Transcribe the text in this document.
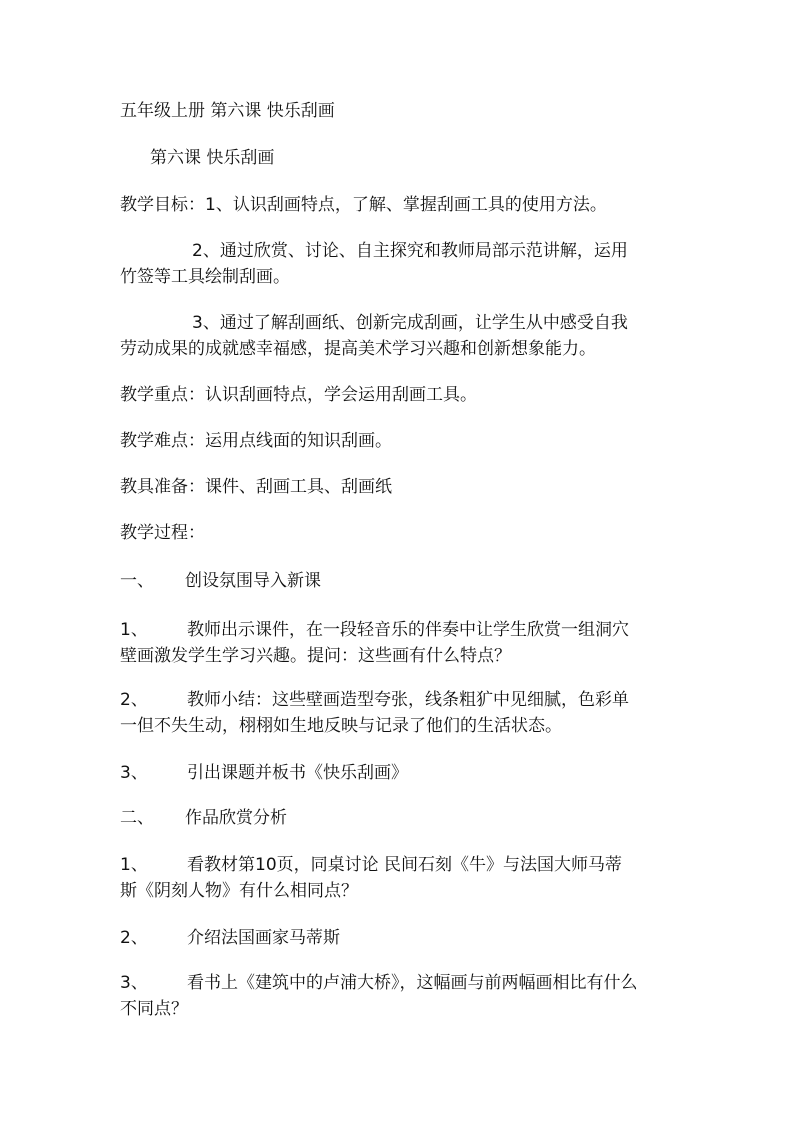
五年级上册 第六课 快乐刮画
第六课 快乐刮画
教学目标：1、认识刮画特点，了解、掌握刮画工具的使用方法。
2、通过欣赏、讨论、自主探究和教师局部示范讲解，运用
竹签等工具绘制刮画。
3、通过了解刮画纸、创新完成刮画，让学生从中感受自我
劳动成果的成就感幸福感，提高美术学习兴趣和创新想象能力。
教学重点：认识刮画特点，学会运用刮画工具。
教学难点：运用点线面的知识刮画。
教具准备：课件、刮画工具、刮画纸
教学过程：
一、 创设氛围导入新课
1、 教师出示课件，在一段轻音乐的伴奏中让学生欣赏一组洞穴
壁画激发学生学习兴趣。提问：这些画有什么特点？
2、 教师小结：这些壁画造型夸张，线条粗犷中见细腻，色彩单
一但不失生动，栩栩如生地反映与记录了他们的生活状态。
3、 引出课题并板书《快乐刮画》
二、 作品欣赏分析
1、 看教材第10页，同桌讨论 民间石刻《牛》与法国大师马蒂
斯《阴刻人物》有什么相同点？
2、 介绍法国画家马蒂斯
3、 看书上《建筑中的卢浦大桥》，这幅画与前两幅画相比有什么
不同点？
